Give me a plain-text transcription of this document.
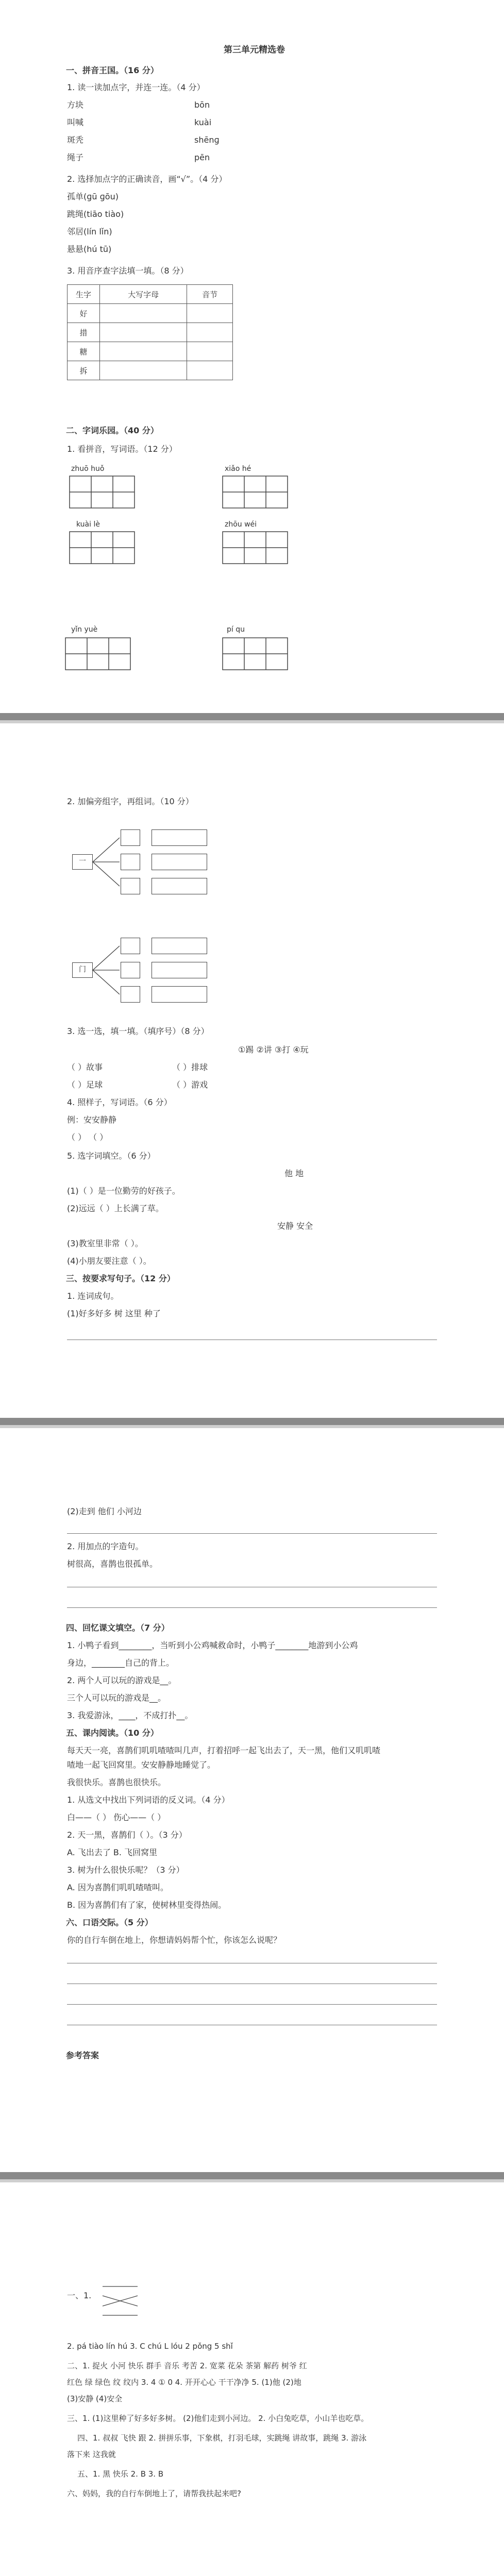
第三单元精选卷
一、拼音王国。（16 分）
1. 读一读加点字，并连一连。（4 分）
方块	bōn
叫喊	kuài
斑秃	shēnɡ
绳子	pēn
2. 选择加点字的正确读音，画“√”。（4 分）
孤单(ɡū ɡōu)
跳绳(tiāo tiào)
邻居(lín lǐn)
悬悬(hú tū)
3. 用音序查字法填一填。（8 分）
生字	大写字母	音节
好		
措		
糖		
拆		
二、字词乐园。（40 分）
1. 看拼音，写词语。（12 分）
zhuō huǒ	xiǎo hé
kuài lè	zhōu wéi
yǐn yuè	pí qu
2. 加偏旁组字，再组词。（10 分）
一
门
3. 选一选，填一填。（填序号）（8 分）
①踢 ②讲 ③打 ④玩
（ ）故事	（ ）排球
（ ）足球	（ ）游戏
4. 照样子，写词语。（6 分）
例：安安静静
（ ） （ ）
5. 选字词填空。（6 分）
他 地
(1)（ ）是一位勤劳的好孩子。
(2)远远（ ）上长满了草。
安静 安全
(3)教室里非常（ ）。
(4)小朋友要注意（ ）。
三、按要求写句子。（12 分）
1. 连词成句。
(1)好多好多 树 这里 种了
(2)走到 他们 小河边
2. 用加点的字造句。
树很高，喜鹊也很孤单。
四、回忆课文填空。（7 分）
1. 小鸭子看到________，当听到小公鸡喊救命时，小鸭子________地游到小公鸡
身边，________自己的背上。
2. 两个人可以玩的游戏是__。
三个人可以玩的游戏是__。
3. 我爱游泳，____，不成打扑__。
五、课内阅读。（10 分）
每天天一亮，喜鹊们叽叽喳喳叫几声，打着招呼一起飞出去了，天一黑，他们又叽叽喳
喳地一起飞回窝里。安安静静地睡觉了。
我很快乐。喜鹊也很快乐。
1. 从选文中找出下列词语的反义词。（4 分）
白——（ ） 伤心——（ ）
2. 天一黑，喜鹊们（ ）。（3 分）
A. 飞出去了 B. 飞回窝里
3. 树为什么很快乐呢？（3 分）
A. 因为喜鹊们叽叽喳喳叫。
B. 因为喜鹊们有了家，使树林里变得热闹。
六、口语交际。（5 分）
你的自行车倒在地上，你想请妈妈帮个忙，你该怎么说呢？
参考答案
一、1.
2. pá tiào lín hú 3. C chú L lóu 2 pǒng 5 shǐ
二、1. 捉火 小河 快乐 群手 音乐 考苦 2. 宽菜 花朵 茶第 解药 树爷 红
红色 绿 绿色 纹 纹内 3. 4 ① 0 4. 开开心心 干干净净 5. (1)他 (2)地
(3)安静 (4)安全
三、1. (1)这里种了好多好多树。 (2)他们走到小河边。 2. 小白兔吃草，小山羊也吃草。
四、1. 叔叔 飞快 跟 2. 拼拼乐事，下象棋，打羽毛球，实跳绳 讲故事，跳绳 3. 游泳
落下来 这我就
五、1. 黑 快乐 2. B 3. B
六、妈妈，我的自行车倒地上了，请帮我扶起来吧?
